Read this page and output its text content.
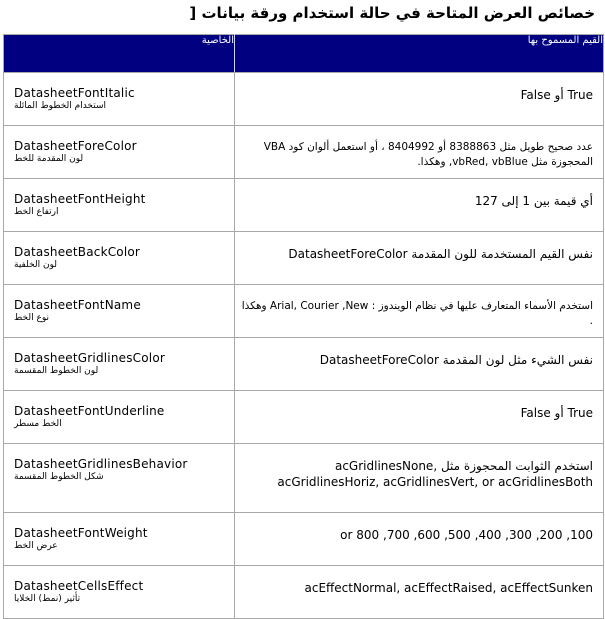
خصائص العرض المتاحة في حالة استخدام ورقة بيانات [
الخاصية	القيم المسموح بها

DatasheetFontItalic
استخدام الخطوط المائلة	True أو False

DatasheetForeColor
لون المقدمة للخط	عدد صحيح طويل مثل 8388863 أو 8404992 ، أو استعمل ألوان كود VBA المحجوزة مثل vbRed, vbBlue, وهكذا.

DatasheetFontHeight
ارتفاع الخط	أي قيمة بين 1 إلى 127

DatasheetBackColor
لون الخلفية	نفس القيم المستخدمة للون المقدمة DatasheetForeColor

DatasheetFontName
نوع الخط	استخدم الأسماء المتعارف عليها في نظام الويندوز : Arial, Courier ,New وهكذا .

DatasheetGridlinesColor
لون الخطوط المقسمة	نفس الشيء مثل لون المقدمة DatasheetForeColor

DatasheetFontUnderline
الخط مسطر	True أو False

DatasheetGridlinesBehavior
شكل الخطوط المقسمة	استخدم الثوابت المحجوزة مثل acGridlinesNone, acGridlinesHoriz, acGridlinesVert, or acGridlinesBoth

DatasheetFontWeight
عرض الخط	100, 200, 300, 400, 500, 600, 700, or 800

DatasheetCellsEffect
تأثير (نمط) الخلايا	acEffectNormal, acEffectRaised, acEffectSunken
